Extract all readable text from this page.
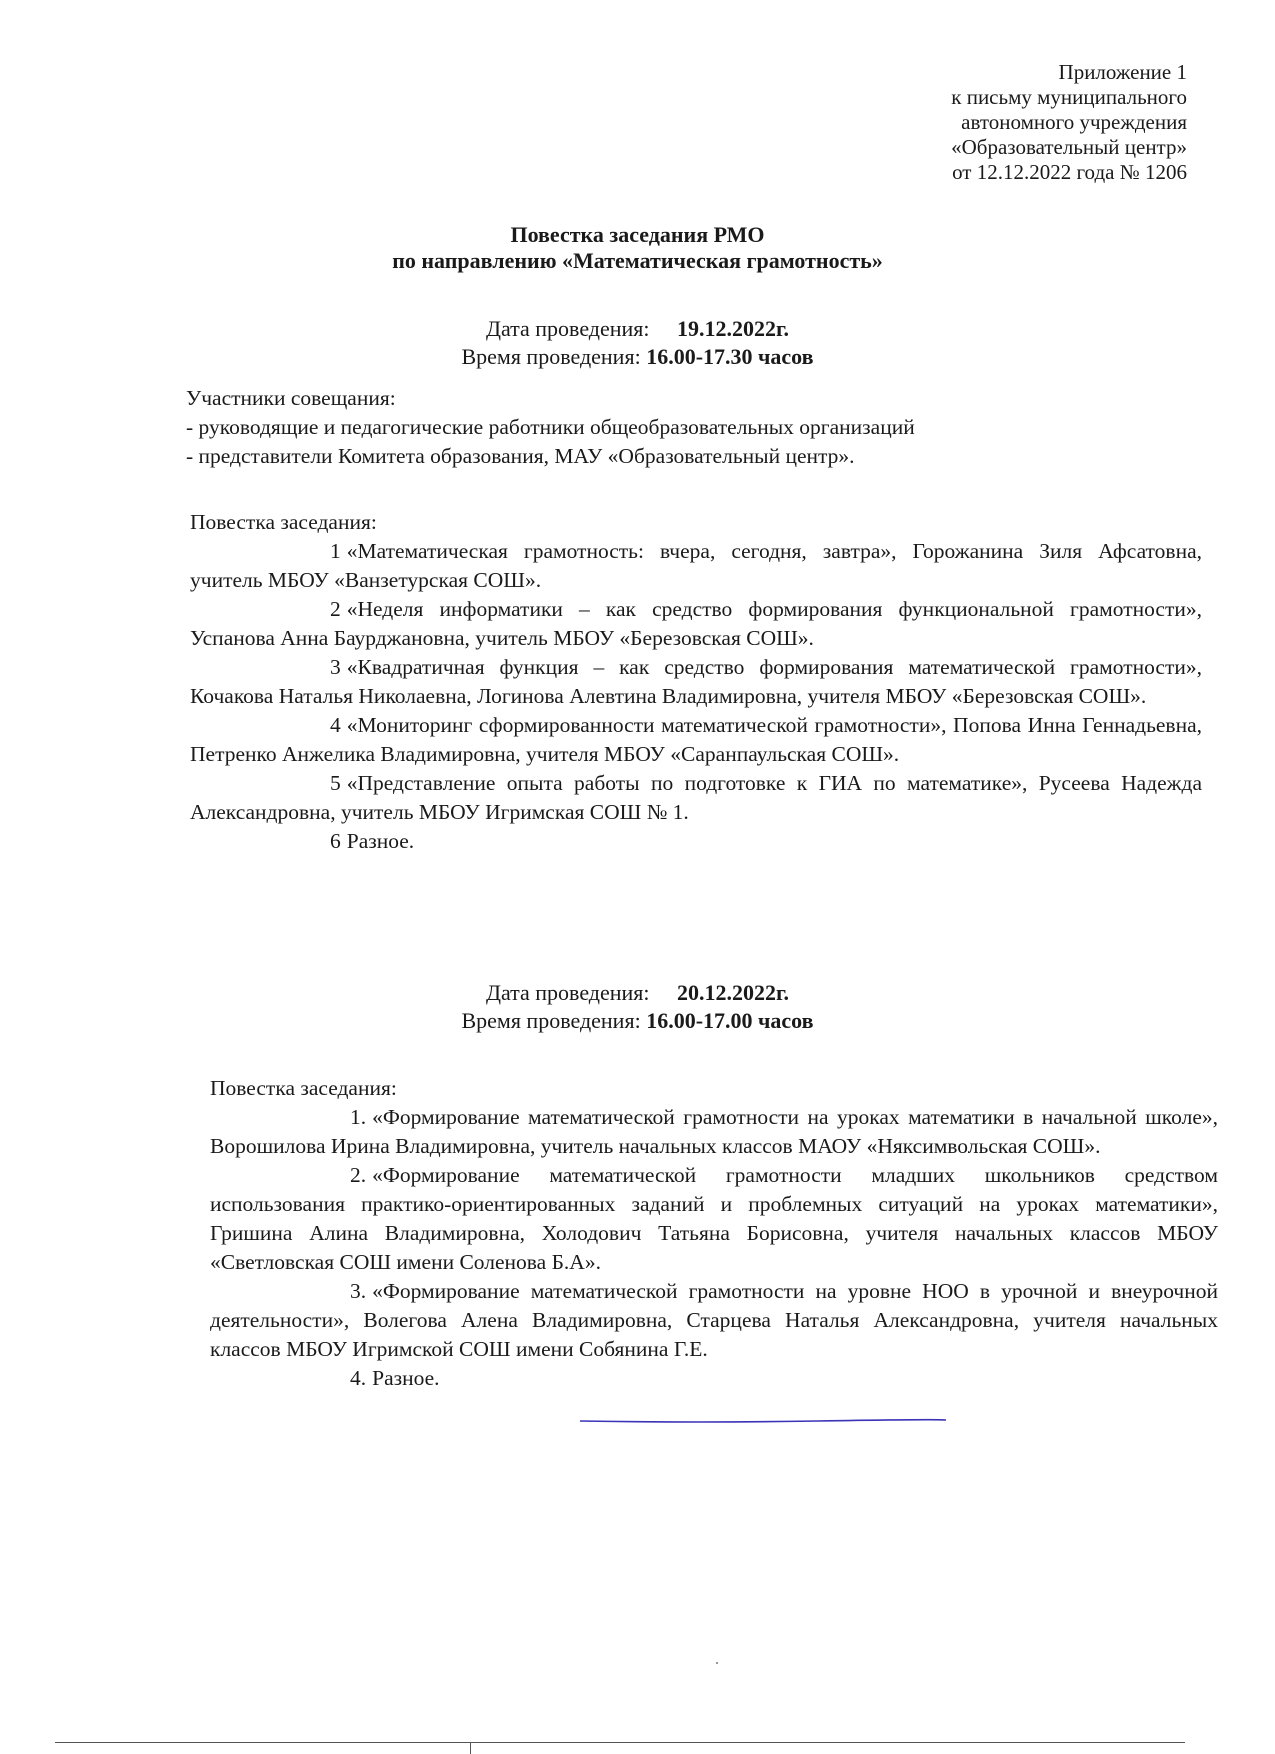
Приложение 1
к письму муниципального
автономного учреждения
«Образовательный центр»
от 12.12.2022 года № 1206
Повестка заседания РМО
по направлению «Математическая грамотность»
Дата проведения: 19.12.2022г.
Время проведения: 16.00-17.30 часов

Участники совещания:

- руководящие и педагогические работники общеобразовательных организаций

- представители Комитета образования, МАУ «Образовательный центр».

Повестка заседания:

1 «Математическая грамотность: вчера, сегодня, завтра», Горожанина Зиля Афсатовна, учитель МБОУ «Ванзетурская СОШ».

2 «Неделя информатики – как средство формирования функциональной грамотности», Успанова Анна Баурджановна, учитель МБОУ «Березовская СОШ».

3 «Квадратичная функция – как средство формирования математической грамотности», Кочакова Наталья Николаевна, Логинова Алевтина Владимировна, учителя МБОУ «Березовская СОШ».

4 «Мониторинг сформированности математической грамотности», Попова Инна Геннадьевна, Петренко Анжелика Владимировна, учителя МБОУ «Саранпаульская СОШ».

5 «Представление опыта работы по подготовке к ГИА по математике», Русеева Надежда Александровна, учитель МБОУ Игримская СОШ № 1.

6 Разное.

Дата проведения: 20.12.2022г.
Время проведения: 16.00-17.00 часов

Повестка заседания:

1. «Формирование математической грамотности на уроках математики в начальной школе», Ворошилова Ирина Владимировна, учитель начальных классов МАОУ «Няксимвольская СОШ».

2. «Формирование математической грамотности младших школьников средством использования практико-ориентированных заданий и проблемных ситуаций на уроках математики», Гришина Алина Владимировна, Холодович Татьяна Борисовна, учителя начальных классов МБОУ «Светловская СОШ имени Соленова Б.А».

3. «Формирование математической грамотности на уровне НОО в урочной и внеурочной деятельности», Волегова Алена Владимировна, Старцева Наталья Александровна, учителя начальных классов МБОУ Игримской СОШ имени Собянина Г.Е.

4. Разное.
